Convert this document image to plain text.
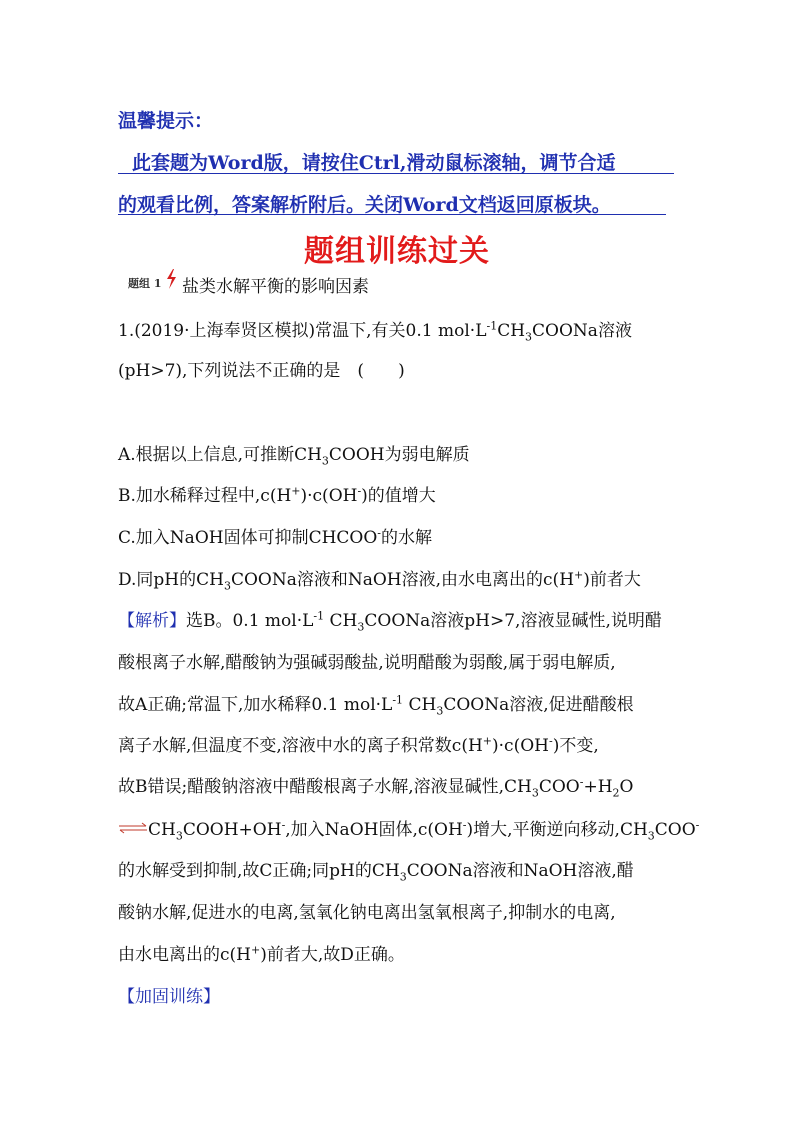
温馨提示：
此套题为Word版，请按住Ctrl,滑动鼠标滚轴，调节合适
的观看比例，答案解析附后。关闭Word文档返回原板块。
题组训练过关
题组 1 盐类水解平衡的影响因素
1.(2019·上海奉贤区模拟)常温下,有关0.1 $mol\cdot L^{-1}CH_3COONa$溶液
(pH>7),下列说法不正确的是　(　　)
A.根据以上信息,可推断$CH_3COOH$为弱电解质
B.加水稀释过程中,c(H+)·c(OH-)的值增大
C.加入NaOH固体可抑制CHCOO-的水解
D.同pH的$CH_3COONa$溶液和NaOH溶液,由水电离出的c(H+)前者大
【解析】选B。0.1 $mol\cdot L^{-1}$ $CH_3COONa$溶液pH>7,溶液显碱性,说明醋
酸根离子水解,醋酸钠为强碱弱酸盐,说明醋酸为弱酸,属于弱电解质,
故A正确;常温下,加水稀释0.1 $mol\cdot L^{-1}$ $CH_3COONa$溶液,促进醋酸根
离子水解,但温度不变,溶液中水的离子积常数c(H+)·c(OH-)不变,
故B错误;醋酸钠溶液中醋酸根离子水解,溶液显碱性$,CH_3COO^-+H_2O$
⇌ $CH_3COOH+OH^-$,加入NaOH固体,c(OH-)增大,平衡逆向移动$,CH_3COO^-$
的水解受到抑制,故C正确;同pH的$CH_3COONa$溶液和NaOH溶液,醋
酸钠水解,促进水的电离,氢氧化钠电离出氢氧根离子,抑制水的电离,
由水电离出的c(H+)前者大,故D正确。
【加固训练】
